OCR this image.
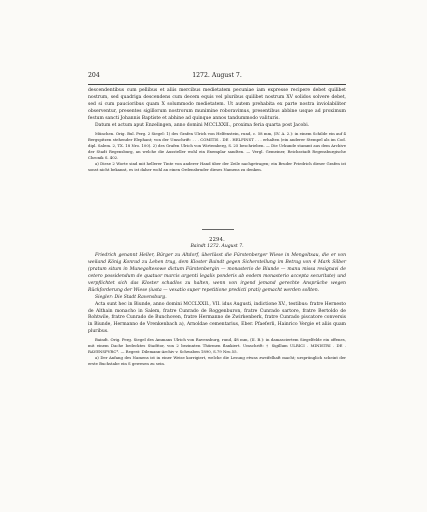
204	1272. August 7.

descendentibus cum pellibus et aliis mercibus medietatem pecuniae iam expresse recipere debet quilibet nostrum, sed quadriga descendens cum decem equis vel pluribus quilibet nostrum XV solidos solvere debet, sed si cum paucioribus quam X solummodo medietatem. Ut autem prehabita ex parte nostra inviolabiliter observentur, presentes sigillorum nostrorum munimine roboravimus, presentibus abbine usque ad proximum festum sancti Johannis Baptiste et abhine ad quinque annos tandummodo valituris.

Datum et actum aput Enzelingen, anno domini MCCLXXII., proxima feria quarta post Jacobi.

München. Orig. Bul. Perg. 2 Siegel: 1) des Grafen Ulrich von Helfenstein, rund, c. 58 mm, (IV. A. 2.): in einem Schilde ein auf 4 Bergspitzen stehender Elephant; von der Umschrift: . . . COMITIS . DE . HELFINST . . . erhalten (ein anderer Stempel als im Cod. dipl. Salem. 2, TX. 18 Nro. 100). 2) des Grafen Ulrich von Wirtemberg, S. 25 beschrieben. — Die Urkunde stammt aus dem Archive der Stadt Regensburg, an welche die Aussteller wohl ein Exemplar sandten. — Vergl. Gemeiner, Reichsstadt Regensburgische Chronik S. 402.

a) Diese 2 Worte sind mit hellerer Tinte von anderer Hand über der Zeile nachgetragen; ein Bruder Friedrich dieser Grafen ist sonst nicht bekannt, es ist daher wohl an einen Ordensbruder dieses Namens zu denken.

2294.

Baindt 1272. August 7.

Friedrich genannt Heller, Bürger zu Altdorf, überlässt die Fürstenberger Wiese in Mengoltsau, die er von weiland König Konrad zu Lehen trug, dem Kloster Baindt gegen Sicherstellung im Betrag von 4 Mark Silber (pratum situm in Munegoltesowe dictum Fürstenbergin — monasterio de Biunde — manu missa resignavi de cetero possidendum de quatuor marcis argenti legalis ponderis ab eodem monasterio accepta securitate) und verpflichtet sich das Kloster schadlos zu halten, wenn von irgend jemand gerechte Ansprüche wegen Rückforderung der Wiese (iusta — vexatio super repetitione predicti prati) gemacht werden sollten.

Siegler: Die Stadt Ravensburg.

Acta sunt hec in Biunde, anno domini MCCLXXII., VII. idus Augusti, indictione XV., testibus: fratre Hernesto de Althain monacho in Salem, fratre Cunrado de Roggenburon, fratre Cunrado sartore, fratre Bertoldo de Rohtwile, fratre Cunrado de Bunchoven, fratre Hermanno de Zwirkenberk, fratre Cunrado piscatore conversis in Biunde, Hermanno de Vrenkenbach a), Arnoldae cementarius, Eber. Pfaeferli, Hainrico Vergie et aliis quam pluribus.

Baindt. Orig. Perg. Siegel des Ammans Ulrich von Ravensburg, rund, 48 mm, (II. B.): in damasciertem Siegelfelde ein offenes, mit einem Dache bedecktes Stadttor, von 2 bezinnten Thürmen flankiert. Umschrift: † Sigillum ULRICI . MINISTRI . DE . RAVENSPVRC*. — Regest: Dilemann-Archiv v. Schwaben 1890, S.79 Nro.55.

a) Der Anfang des Namens ist in einer Weise korrigiert, welche die Lesung etwas zweifelhaft macht; ursprünglich scheint der erste Buchstabe ein S gewesen zu sein.
